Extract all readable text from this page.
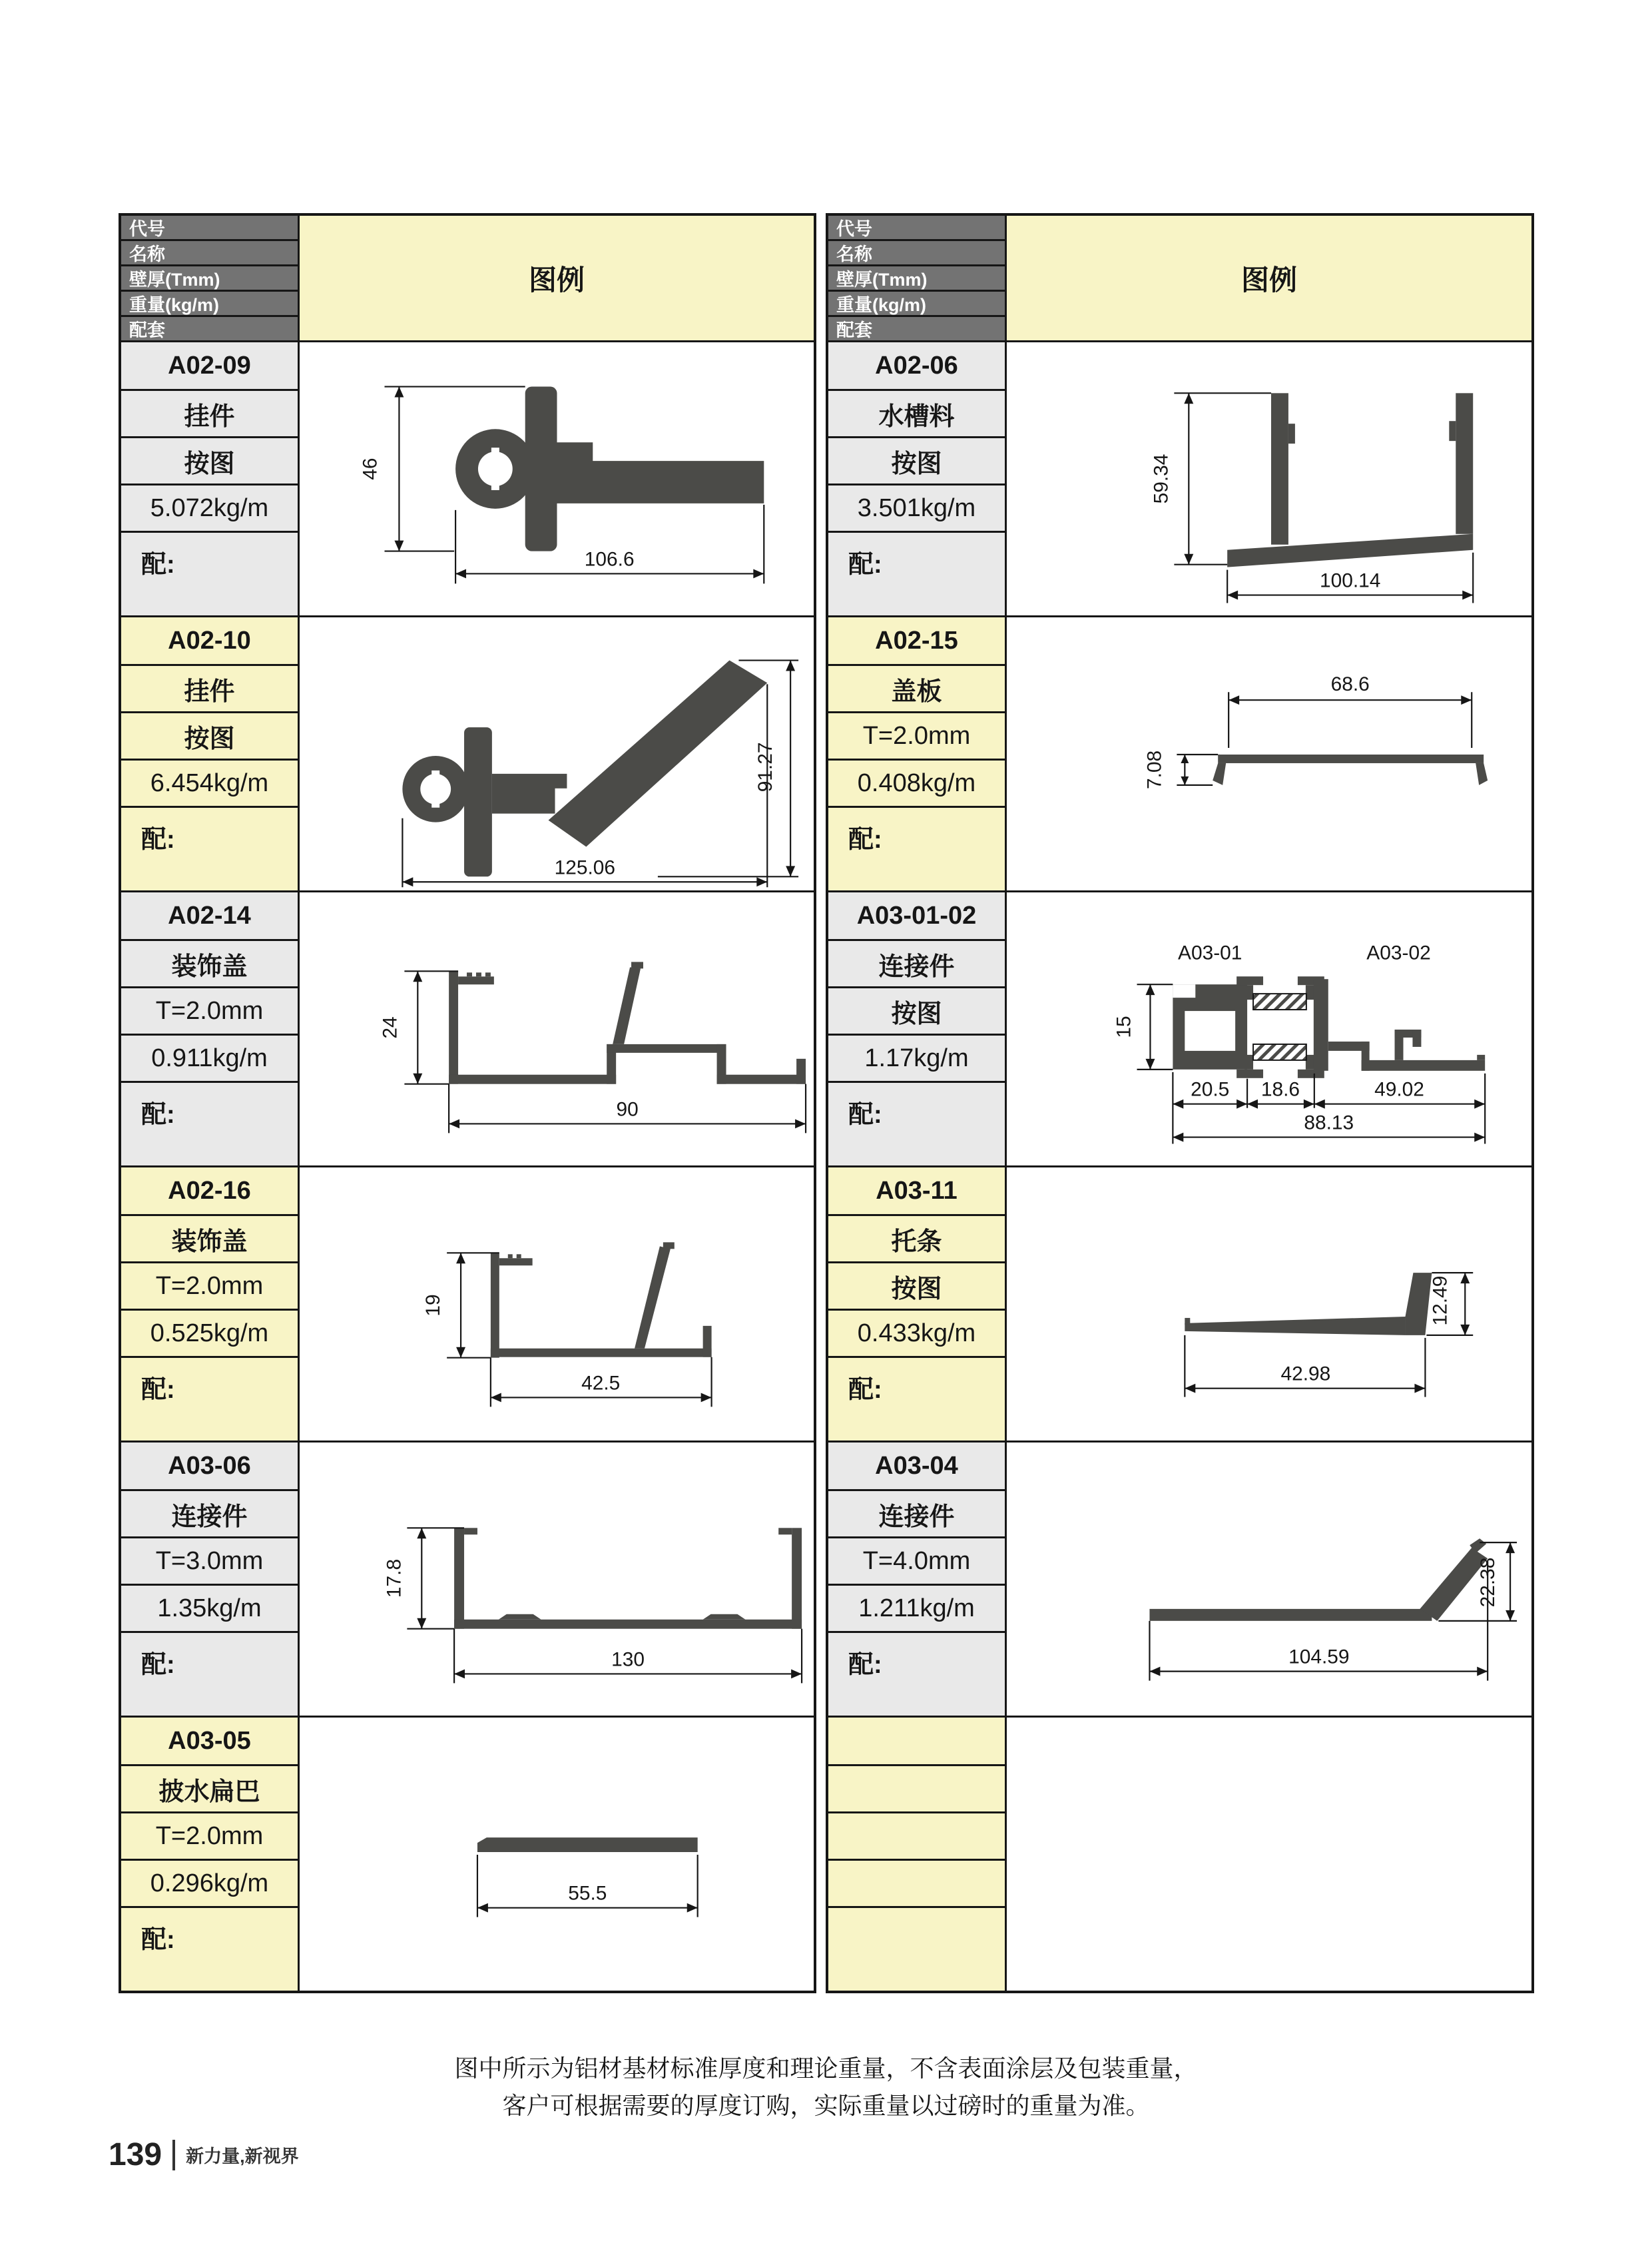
代号
名称
壁厚(Tmm)
重量(kg/m)
配套
图例
A02-09
挂件
按图
5.072kg/m
配:
46
106.6
A02-10
挂件
按图
6.454kg/m
配:
91.27
125.06
A02-14
装饰盖
T=2.0mm
0.911kg/m
配:
24
90
A02-16
装饰盖
T=2.0mm
0.525kg/m
配:
19
42.5
A03-06
连接件
T=3.0mm
1.35kg/m
配:
17.8
130
A03-05
披水扁巴
T=2.0mm
0.296kg/m
配:
55.5
代号
名称
壁厚(Tmm)
重量(kg/m)
配套
图例
A02-06
水槽料
按图
3.501kg/m
配:
59.34
100.14
A02-15
盖板
T=2.0mm
0.408kg/m
配:
68.6
7.08
A03-01-02
连接件
按图
1.17kg/m
配:
A03-01	A03-02
15
20.5 18.6	49.02
88.13
A03-11
托条
按图
0.433kg/m
配:
12.49
42.98
A03-04
连接件
T=4.0mm
1.211kg/m
配:
22.38
104.59
图中所示为铝材基材标准厚度和理论重量，不含表面涂层及包装重量，
客户可根据需要的厚度订购，实际重量以过磅时的重量为准。
139 新力量,新视界
